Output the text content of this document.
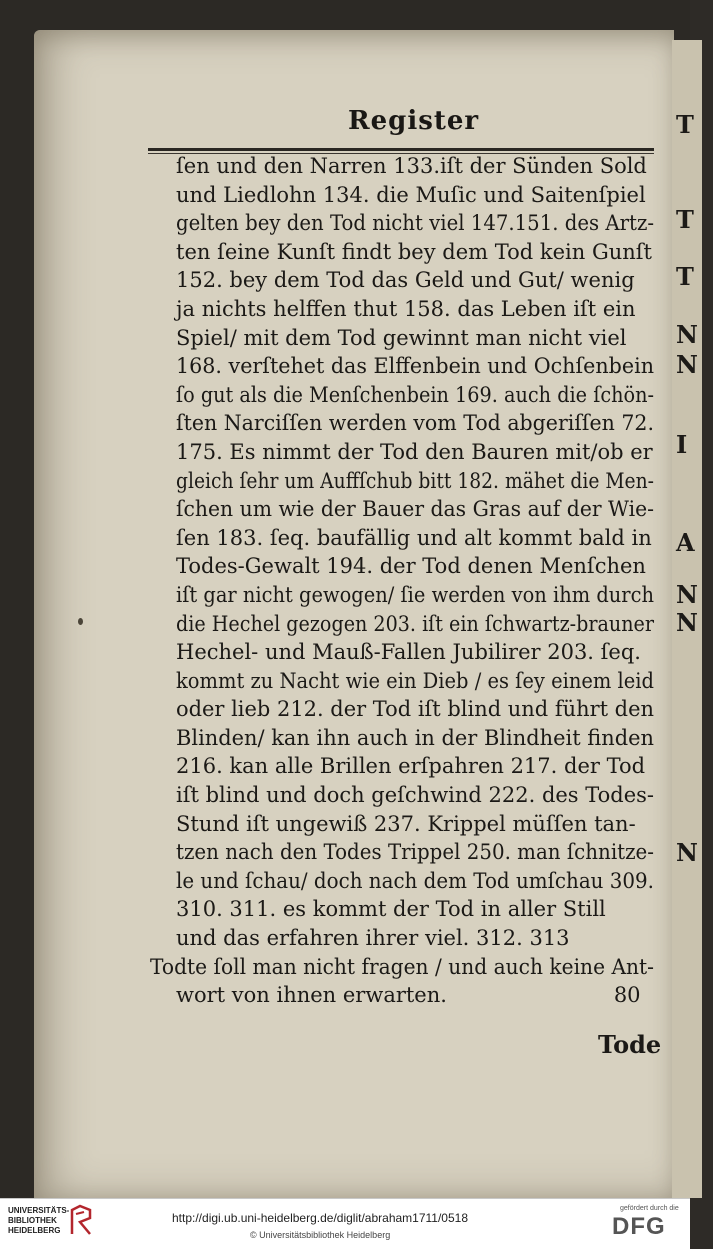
T
T
T
N
N
I
A
N
N
N
Register
ſen und den Narren 133.iſt der Sünden Sold
und Liedlohn 134. die Muſic und Saitenſpiel
gelten bey den Tod nicht viel 147.151. des Artz-
ten ſeine Kunſt findt bey dem Tod kein Gunſt
152. bey dem Tod das Geld und Gut/ wenig
ja nichts helffen thut 158. das Leben iſt ein
Spiel/ mit dem Tod gewinnt man nicht viel
168. verſtehet das Elffenbein und Ochſenbein
ſo gut als die Menſchenbein 169. auch die ſchön-
ſten Narciſſen werden vom Tod abgeriſſen 72.
175. Es nimmt der Tod den Bauren mit/ob er
gleich ſehr um Auffſchub bitt 182. mähet die Men-
ſchen um wie der Bauer das Gras auf der Wie-
ſen 183. ſeq. baufällig und alt kommt bald in
Todes-Gewalt 194. der Tod denen Menſchen
iſt gar nicht gewogen/ ſie werden von ihm durch
die Hechel gezogen 203. iſt ein ſchwartz-brauner
Hechel- und Mauß-Fallen Jubilirer 203. ſeq.
kommt zu Nacht wie ein Dieb / es ſey einem leid
oder lieb 212. der Tod iſt blind und führt den
Blinden/ kan ihn auch in der Blindheit finden
216. kan alle Brillen erſpahren 217. der Tod
iſt blind und doch geſchwind 222. des Todes-
Stund iſt ungewiß 237. Krippel müſſen tan-
tzen nach den Todes Trippel 250. man ſchnitze-
le und ſchau/ doch nach dem Tod umſchau 309.
310. 311. es kommt der Tod in aller Still
und das erfahren ihrer viel. 312. 313
Todte ſoll man nicht fragen / und auch keine Ant-
wort von ihnen erwarten.                         80
Tode
UNIVERSITÄTS-
BIBLIOTHEK
HEIDELBERG
http://digi.ub.uni-heidelberg.de/diglit/abraham1711/0518
© Universitätsbibliothek Heidelberg
gefördert durch die
DFG
